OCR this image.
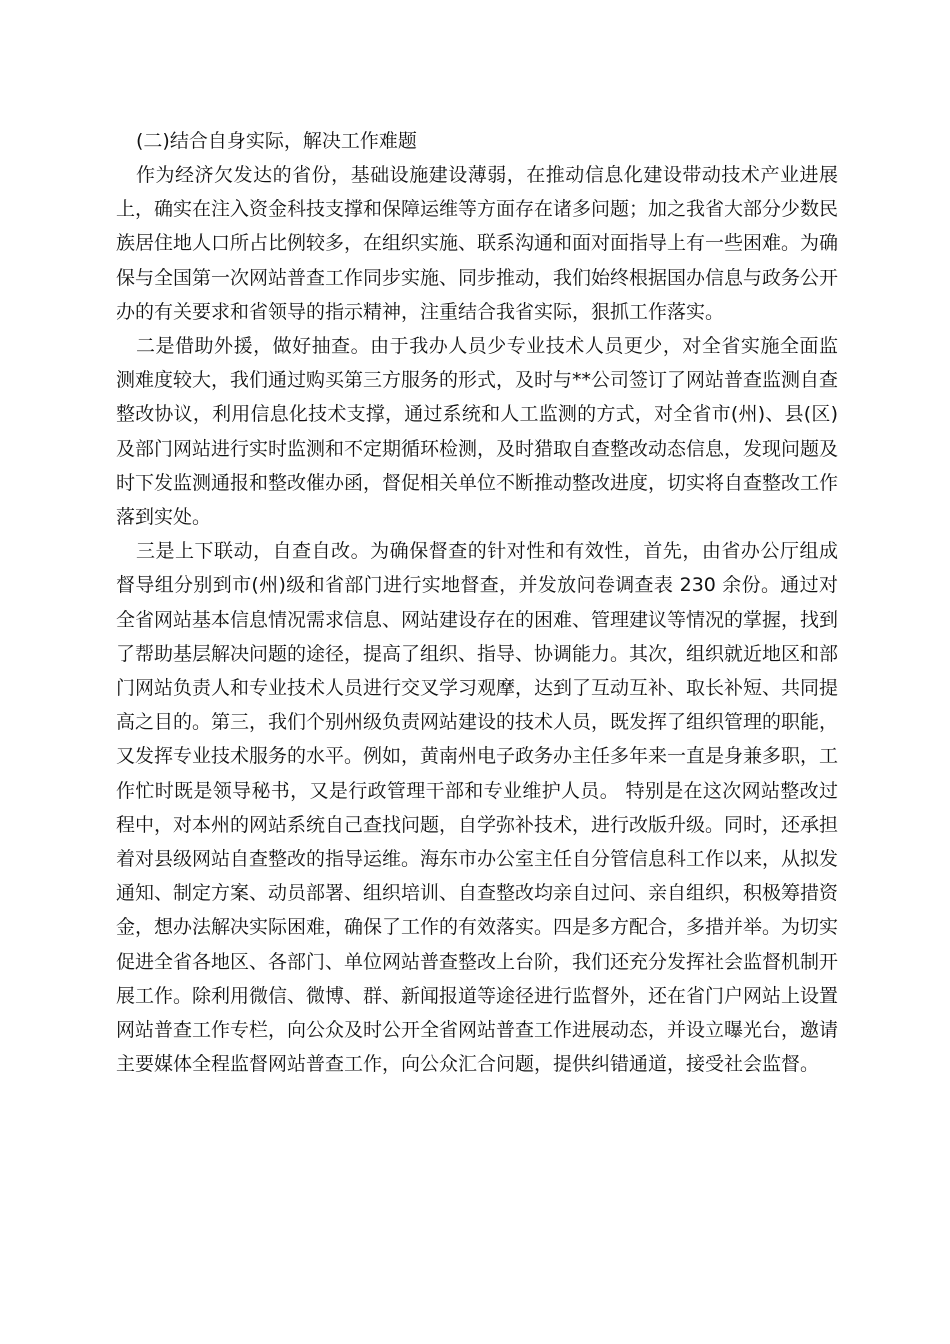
(二)结合自身实际，解决工作难题

作为经济欠发达的省份，基础设施建设薄弱，在推动信息化建设带动技术产业进展上，确实在注入资金科技支撑和保障运维等方面存在诸多问题；加之我省大部分少数民族居住地人口所占比例较多，在组织实施、联系沟通和面对面指导上有一些困难。为确保与全国第一次网站普查工作同步实施、同步推动，我们始终根据国办信息与政务公开办的有关要求和省领导的指示精神，注重结合我省实际，狠抓工作落实。

二是借助外援，做好抽查。由于我办人员少专业技术人员更少，对全省实施全面监测难度较大，我们通过购买第三方服务的形式，及时与**公司签订了网站普查监测自查整改协议，利用信息化技术支撑，通过系统和人工监测的方式，对全省市(州)、县(区)及部门网站进行实时监测和不定期循环检测，及时猎取自查整改动态信息，发现问题及时下发监测通报和整改催办函，督促相关单位不断推动整改进度，切实将自查整改工作落到实处。

三是上下联动，自查自改。为确保督查的针对性和有效性，首先，由省办公厅组成督导组分别到市(州)级和省部门进行实地督查，并发放问卷调查表 230 余份。通过对全省网站基本信息情况需求信息、网站建设存在的困难、管理建议等情况的掌握，找到了帮助基层解决问题的途径，提高了组织、指导、协调能力。其次，组织就近地区和部门网站负责人和专业技术人员进行交叉学习观摩，达到了互动互补、取长补短、共同提高之目的。第三，我们个别州级负责网站建设的技术人员，既发挥了组织管理的职能，又发挥专业技术服务的水平。例如，黄南州电子政务办主任多年来一直是身兼多职，工作忙时既是领导秘书，又是行政管理干部和专业维护人员。 特别是在这次网站整改过程中，对本州的网站系统自己查找问题，自学弥补技术，进行改版升级。同时，还承担着对县级网站自查整改的指导运维。海东市办公室主任自分管信息科工作以来，从拟发通知、制定方案、动员部署、组织培训、自查整改均亲自过问、亲自组织，积极筹措资金，想办法解决实际困难，确保了工作的有效落实。四是多方配合，多措并举。为切实促进全省各地区、各部门、单位网站普查整改上台阶，我们还充分发挥社会监督机制开展工作。除利用微信、微博、群、新闻报道等途径进行监督外，还在省门户网站上设置网站普查工作专栏，向公众及时公开全省网站普查工作进展动态，并设立曝光台，邀请主要媒体全程监督网站普查工作，向公众汇合问题，提供纠错通道，接受社会监督。
